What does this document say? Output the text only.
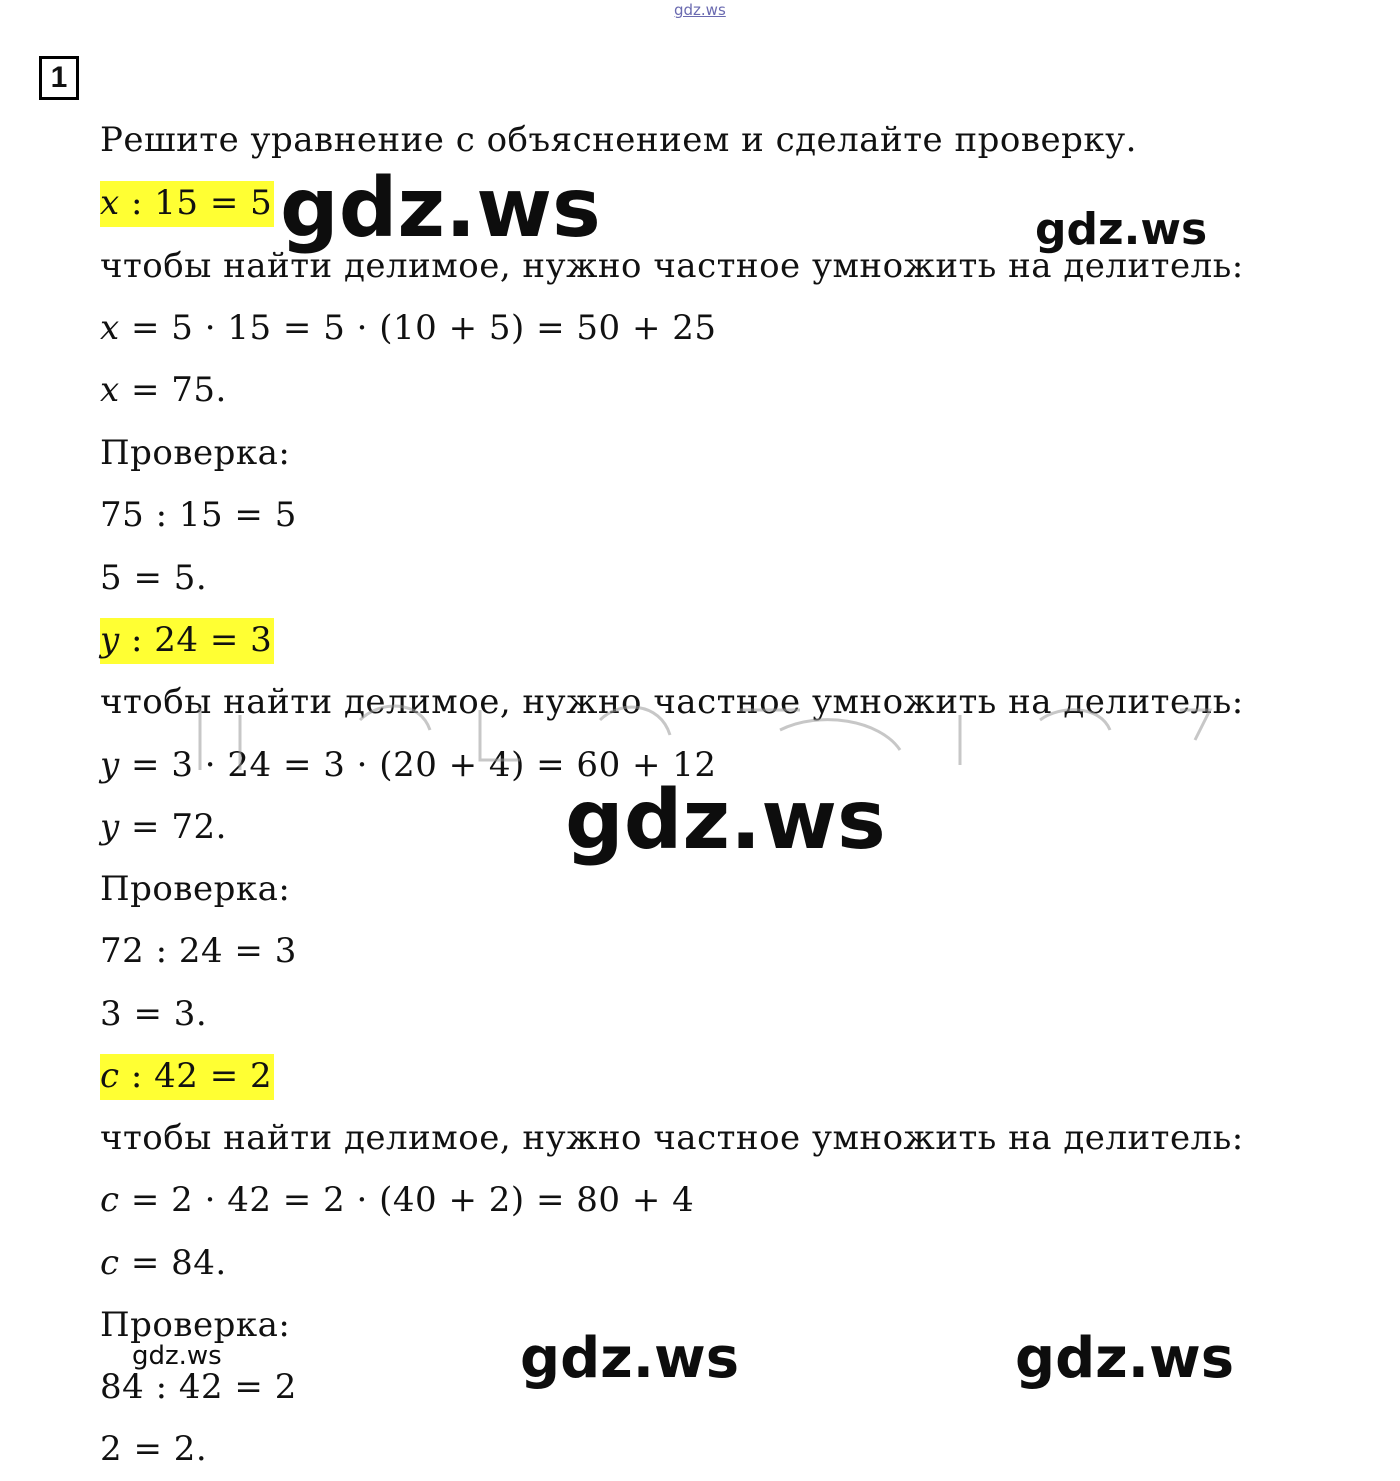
gdz.ws
1
Решите уравнение с объяснением и сделайте проверку.
x : 15 = 5
чтобы найти делимое, нужно частное умножить на делитель:
x = 5 · 15 = 5 · (10 + 5) = 50 + 25
x = 75.
Проверка:
75 : 15 = 5
5 = 5.
y : 24 = 3
чтобы найти делимое, нужно частное умножить на делитель:
y = 3 · 24 = 3 · (20 + 4) = 60 + 12
y = 72.
Проверка:
72 : 24 = 3
3 = 3.
c : 42 = 2
чтобы найти делимое, нужно частное умножить на делитель:
c = 2 · 42 = 2 · (40 + 2) = 80 + 4
c = 84.
Проверка:
84 : 42 = 2
2 = 2.
gdz.ws	gdz.ws
gdz.ws
gdz.ws	gdz.ws	gdz.ws
